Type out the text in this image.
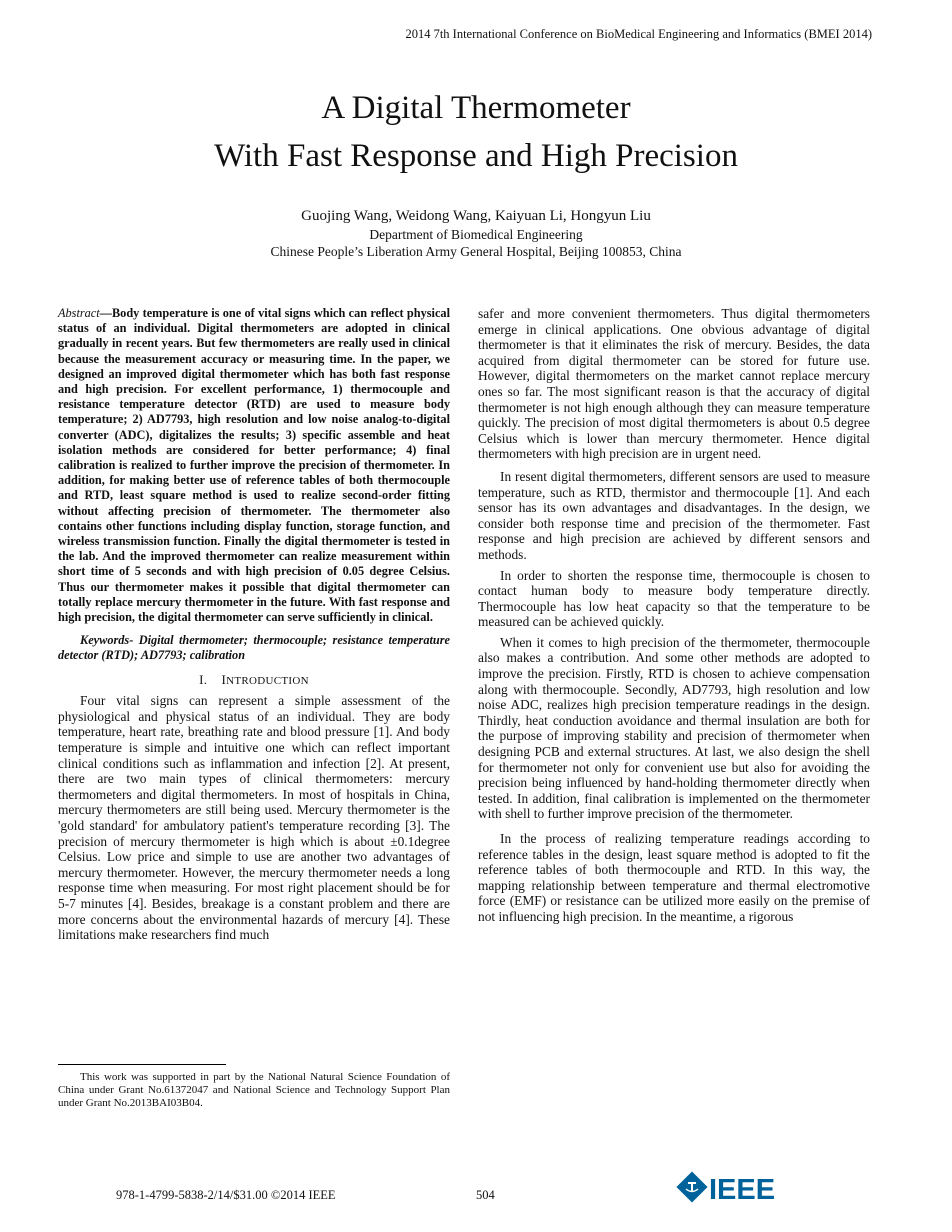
2014 7th International Conference on BioMedical Engineering and Informatics (BMEI 2014)
A Digital Thermometer
With Fast Response and High Precision
Guojing Wang, Weidong Wang, Kaiyuan Li, Hongyun Liu
Department of Biomedical Engineering
Chinese People’s Liberation Army General Hospital, Beijing 100853, China

Abstract—Body temperature is one of vital signs which can reflect physical status of an individual. Digital thermometers are adopted in clinical gradually in recent years. But few thermometers are really used in clinical because the measurement accuracy or measuring time. In the paper, we designed an improved digital thermometer which has both fast response and high precision. For excellent performance, 1) thermocouple and resistance temperature detector (RTD) are used to measure body temperature; 2) AD7793, high resolution and low noise analog-to-digital converter (ADC), digitalizes the results; 3) specific assemble and heat isolation methods are considered for better performance; 4) final calibration is realized to further improve the precision of thermometer. In addition, for making better use of reference tables of both thermocouple and RTD, least square method is used to realize second-order fitting without affecting precision of thermometer. The thermometer also contains other functions including display function, storage function, and wireless transmission function. Finally the digital thermometer is tested in the lab. And the improved thermometer can realize measurement within short time of 5 seconds and with high precision of 0.05 degree Celsius. Thus our thermometer makes it possible that digital thermometer can totally replace mercury thermometer in the future. With fast response and high precision, the digital thermometer can serve sufficiently in clinical.

Keywords- Digital thermometer; thermocouple; resistance temperature detector (RTD); AD7793; calibration

I. INTRODUCTION

Four vital signs can represent a simple assessment of the physiological and physical status of an individual. They are body temperature, heart rate, breathing rate and blood pressure [1]. And body temperature is simple and intuitive one which can reflect important clinical conditions such as inflammation and infection [2]. At present, there are two main types of clinical thermometers: mercury thermometers and digital thermometers. In most of hospitals in China, mercury thermometers are still being used. Mercury thermometer is the 'gold standard' for ambulatory patient's temperature recording [3]. The precision of mercury thermometer is high which is about ±0.1degree Celsius. Low price and simple to use are another two advantages of mercury thermometer. However, the mercury thermometer needs a long response time when measuring. For most right placement should be for 5-7 minutes [4]. Besides, breakage is a constant problem and there are more concerns about the environmental hazards of mercury [4]. These limitations make researchers find much

safer and more convenient thermometers. Thus digital thermometers emerge in clinical applications. One obvious advantage of digital thermometer is that it eliminates the risk of mercury. Besides, the data acquired from digital thermometer can be stored for future use. However, digital thermometers on the market cannot replace mercury ones so far. The most significant reason is that the accuracy of digital thermometer is not high enough although they can measure temperature quickly. The precision of most digital thermometers is about 0.5 degree Celsius which is lower than mercury thermometer. Hence digital thermometers with high precision are in urgent need.

In resent digital thermometers, different sensors are used to measure temperature, such as RTD, thermistor and thermocouple [1]. And each sensor has its own advantages and disadvantages. In the design, we consider both response time and precision of the thermometer. Fast response and high precision are achieved by different sensors and methods.

In order to shorten the response time, thermocouple is chosen to contact human body to measure body temperature directly. Thermocouple has low heat capacity so that the temperature to be measured can be achieved quickly.

When it comes to high precision of the thermometer, thermocouple also makes a contribution. And some other methods are adopted to improve the precision. Firstly, RTD is chosen to achieve compensation along with thermocouple. Secondly, AD7793, high resolution and low noise ADC, realizes high precision temperature readings in the design. Thirdly, heat conduction avoidance and thermal insulation are both for the purpose of improving stability and precision of thermometer when designing PCB and external structures. At last, we also design the shell for thermometer not only for convenient use but also for avoiding the precision being influenced by hand-holding thermometer directly when tested. In addition, final calibration is implemented on the thermometer with shell to further improve precision of the thermometer.

In the process of realizing temperature readings according to reference tables in the design, least square method is adopted to fit the reference tables of both thermocouple and RTD. In this way, the mapping relationship between temperature and thermal electromotive force (EMF) or resistance can be utilized more easily on the premise of not influencing high precision. In the meantime, a rigorous

This work was supported in part by the National Natural Science Foundation of China under Grant No.61372047 and National Science and Technology Support Plan under Grant No.2013BAI03B04.
978-1-4799-5838-2/14/$31.00 ©2014 IEEE	504	IEEE
